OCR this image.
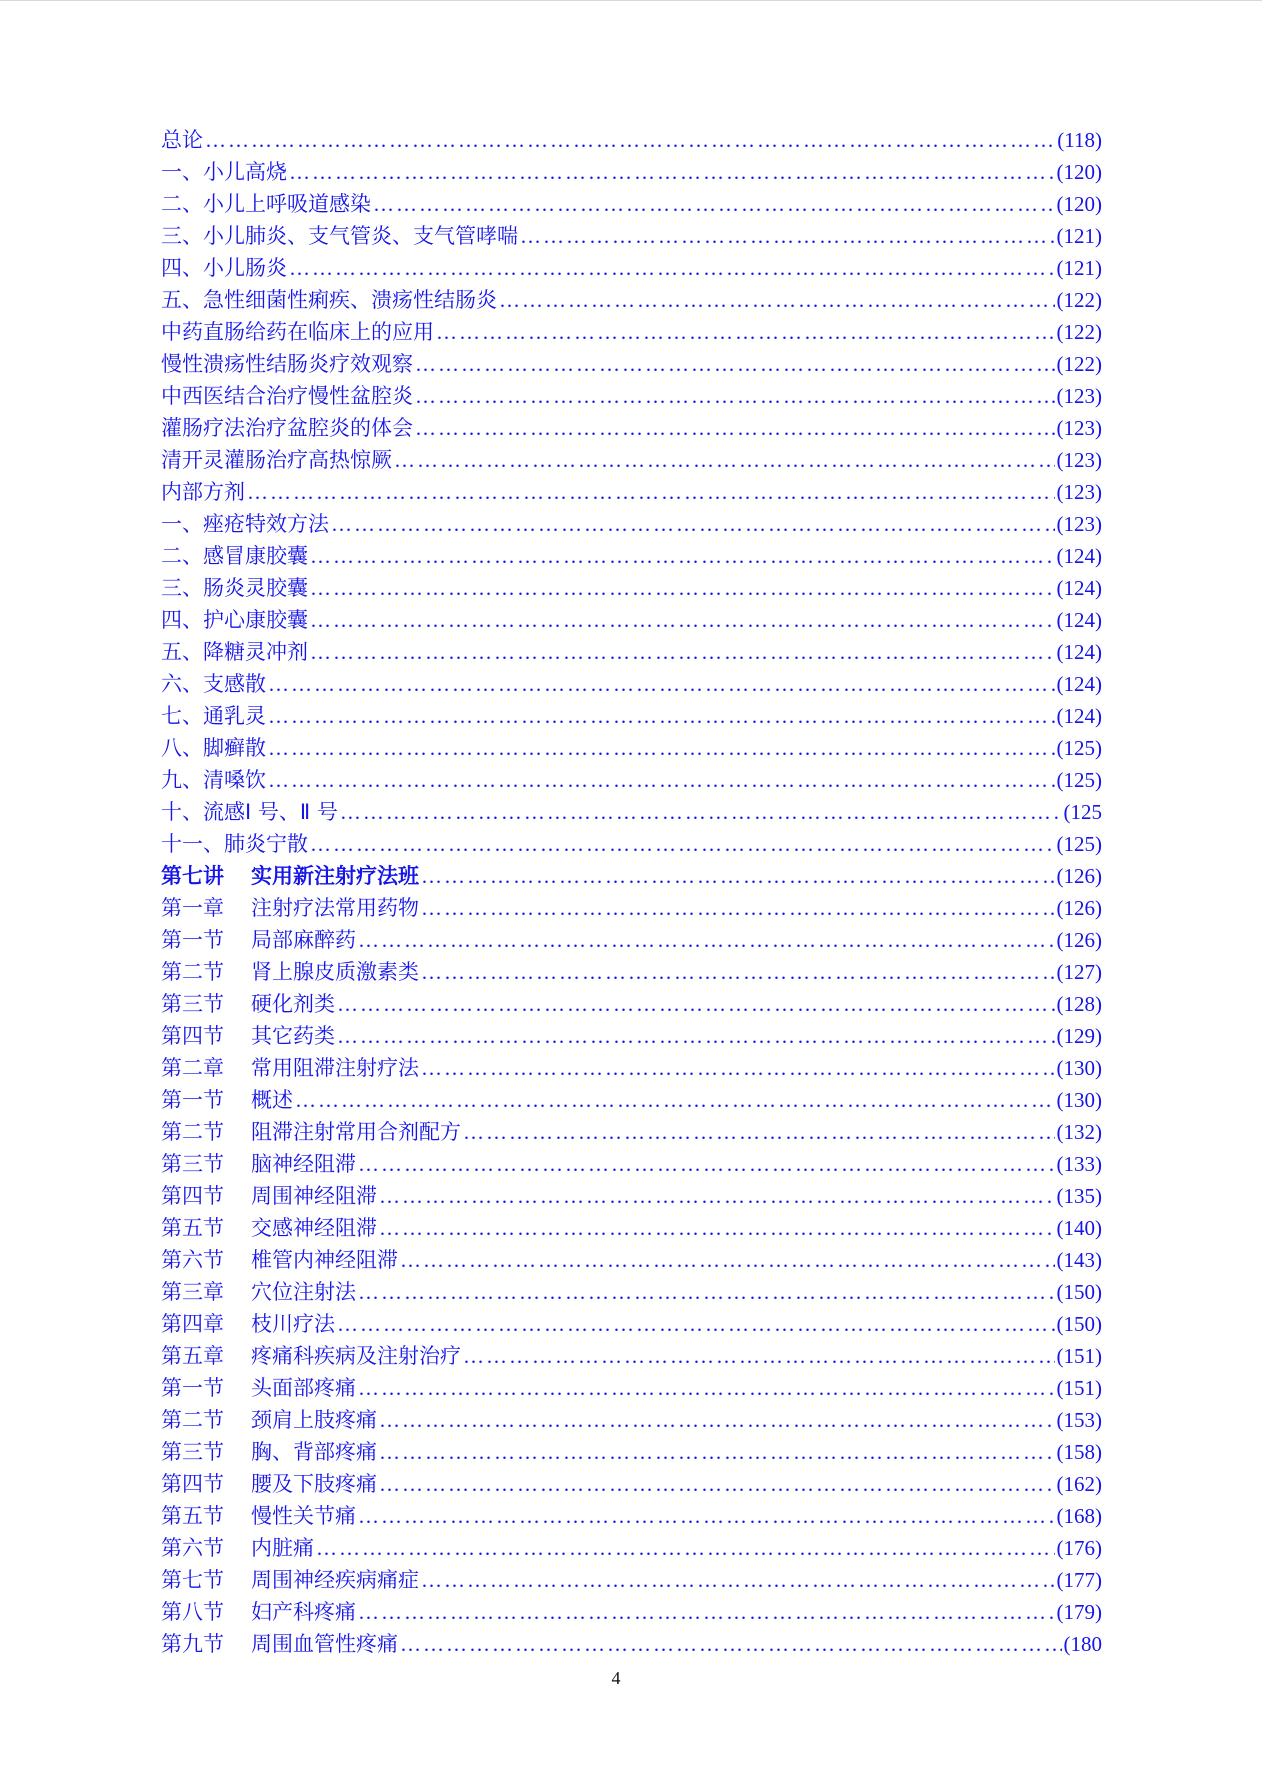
总论 …………………………………………………………………………………………………………………………………………………………………………………………………………………………………………………………………………………………	(118)
一、小儿高烧 …………………………………………………………………………………………………………………………………………………………………………………………………………………………………………………………………………………………	(120)
二、小儿上呼吸道感染 …………………………………………………………………………………………………………………………………………………………………………………………………………………………………………………………………………………………	(120)
三、小儿肺炎、支气管炎、支气管哮喘 …………………………………………………………………………………………………………………………………………………………………………………………………………………………………………………………………………………………	(121)
四、小儿肠炎 …………………………………………………………………………………………………………………………………………………………………………………………………………………………………………………………………………………………	(121)
五、急性细菌性痢疾、溃疡性结肠炎 …………………………………………………………………………………………………………………………………………………………………………………………………………………………………………………………………………………………	(122)
中药直肠给药在临床上的应用 …………………………………………………………………………………………………………………………………………………………………………………………………………………………………………………………………………………………	(122)
慢性溃疡性结肠炎疗效观察 …………………………………………………………………………………………………………………………………………………………………………………………………………………………………………………………………………………………	(122)
中西医结合治疗慢性盆腔炎 …………………………………………………………………………………………………………………………………………………………………………………………………………………………………………………………………………………………	(123)
灌肠疗法治疗盆腔炎的体会 …………………………………………………………………………………………………………………………………………………………………………………………………………………………………………………………………………………………	(123)
清开灵灌肠治疗高热惊厥 …………………………………………………………………………………………………………………………………………………………………………………………………………………………………………………………………………………………	(123)
内部方剂 …………………………………………………………………………………………………………………………………………………………………………………………………………………………………………………………………………………………	(123)
一、痤疮特效方法 …………………………………………………………………………………………………………………………………………………………………………………………………………………………………………………………………………………………	(123)
二、感冒康胶囊 …………………………………………………………………………………………………………………………………………………………………………………………………………………………………………………………………………………………	(124)
三、肠炎灵胶囊 …………………………………………………………………………………………………………………………………………………………………………………………………………………………………………………………………………………………	(124)
四、护心康胶囊 …………………………………………………………………………………………………………………………………………………………………………………………………………………………………………………………………………………………	(124)
五、降糖灵冲剂 …………………………………………………………………………………………………………………………………………………………………………………………………………………………………………………………………………………………	(124)
六、支感散 …………………………………………………………………………………………………………………………………………………………………………………………………………………………………………………………………………………………	(124)
七、通乳灵 …………………………………………………………………………………………………………………………………………………………………………………………………………………………………………………………………………………………	(124)
八、脚癣散 …………………………………………………………………………………………………………………………………………………………………………………………………………………………………………………………………………………………	(125)
九、清嗓饮 …………………………………………………………………………………………………………………………………………………………………………………………………………………………………………………………………………………………	(125)
十、流感Ⅰ 号、Ⅱ 号 …………………………………………………………………………………………………………………………………………………………………………………………………………………………………………………………………………………………	(125
十一、肺炎宁散 …………………………………………………………………………………………………………………………………………………………………………………………………………………………………………………………………………………………	(125)
第七讲 实用新注射疗法班 …………………………………………………………………………………………………………………………………………………………………………………………………………………………………………………………………………………………	(126)
第一章 注射疗法常用药物 …………………………………………………………………………………………………………………………………………………………………………………………………………………………………………………………………………………………	(126)
第一节 局部麻醉药 …………………………………………………………………………………………………………………………………………………………………………………………………………………………………………………………………………………………	(126)
第二节 肾上腺皮质激素类 …………………………………………………………………………………………………………………………………………………………………………………………………………………………………………………………………………………………	(127)
第三节 硬化剂类 …………………………………………………………………………………………………………………………………………………………………………………………………………………………………………………………………………………………	(128)
第四节 其它药类 …………………………………………………………………………………………………………………………………………………………………………………………………………………………………………………………………………………………	(129)
第二章 常用阻滞注射疗法 …………………………………………………………………………………………………………………………………………………………………………………………………………………………………………………………………………………………	(130)
第一节 概述 …………………………………………………………………………………………………………………………………………………………………………………………………………………………………………………………………………………………	(130)
第二节 阻滞注射常用合剂配方 …………………………………………………………………………………………………………………………………………………………………………………………………………………………………………………………………………………………	(132)
第三节 脑神经阻滞 …………………………………………………………………………………………………………………………………………………………………………………………………………………………………………………………………………………………	(133)
第四节 周围神经阻滞 …………………………………………………………………………………………………………………………………………………………………………………………………………………………………………………………………………………………	(135)
第五节 交感神经阻滞 …………………………………………………………………………………………………………………………………………………………………………………………………………………………………………………………………………………………	(140)
第六节 椎管内神经阻滞 …………………………………………………………………………………………………………………………………………………………………………………………………………………………………………………………………………………………	(143)
第三章 穴位注射法 …………………………………………………………………………………………………………………………………………………………………………………………………………………………………………………………………………………………	(150)
第四章 枝川疗法 …………………………………………………………………………………………………………………………………………………………………………………………………………………………………………………………………………………………	(150)
第五章 疼痛科疾病及注射治疗 …………………………………………………………………………………………………………………………………………………………………………………………………………………………………………………………………………………………	(151)
第一节 头面部疼痛 …………………………………………………………………………………………………………………………………………………………………………………………………………………………………………………………………………………………	(151)
第二节 颈肩上肢疼痛 …………………………………………………………………………………………………………………………………………………………………………………………………………………………………………………………………………………………	(153)
第三节 胸、背部疼痛 …………………………………………………………………………………………………………………………………………………………………………………………………………………………………………………………………………………………	(158)
第四节 腰及下肢疼痛 …………………………………………………………………………………………………………………………………………………………………………………………………………………………………………………………………………………………	(162)
第五节 慢性关节痛 …………………………………………………………………………………………………………………………………………………………………………………………………………………………………………………………………………………………	(168)
第六节 内脏痛 …………………………………………………………………………………………………………………………………………………………………………………………………………………………………………………………………………………………	(176)
第七节 周围神经疾病痛症 …………………………………………………………………………………………………………………………………………………………………………………………………………………………………………………………………………………………	(177)
第八节 妇产科疼痛 …………………………………………………………………………………………………………………………………………………………………………………………………………………………………………………………………………………………	(179)
第九节 周围血管性疼痛 …………………………………………………………………………………………………………………………………………………………………………………………………………………………………………………………………………………………	(180
4
